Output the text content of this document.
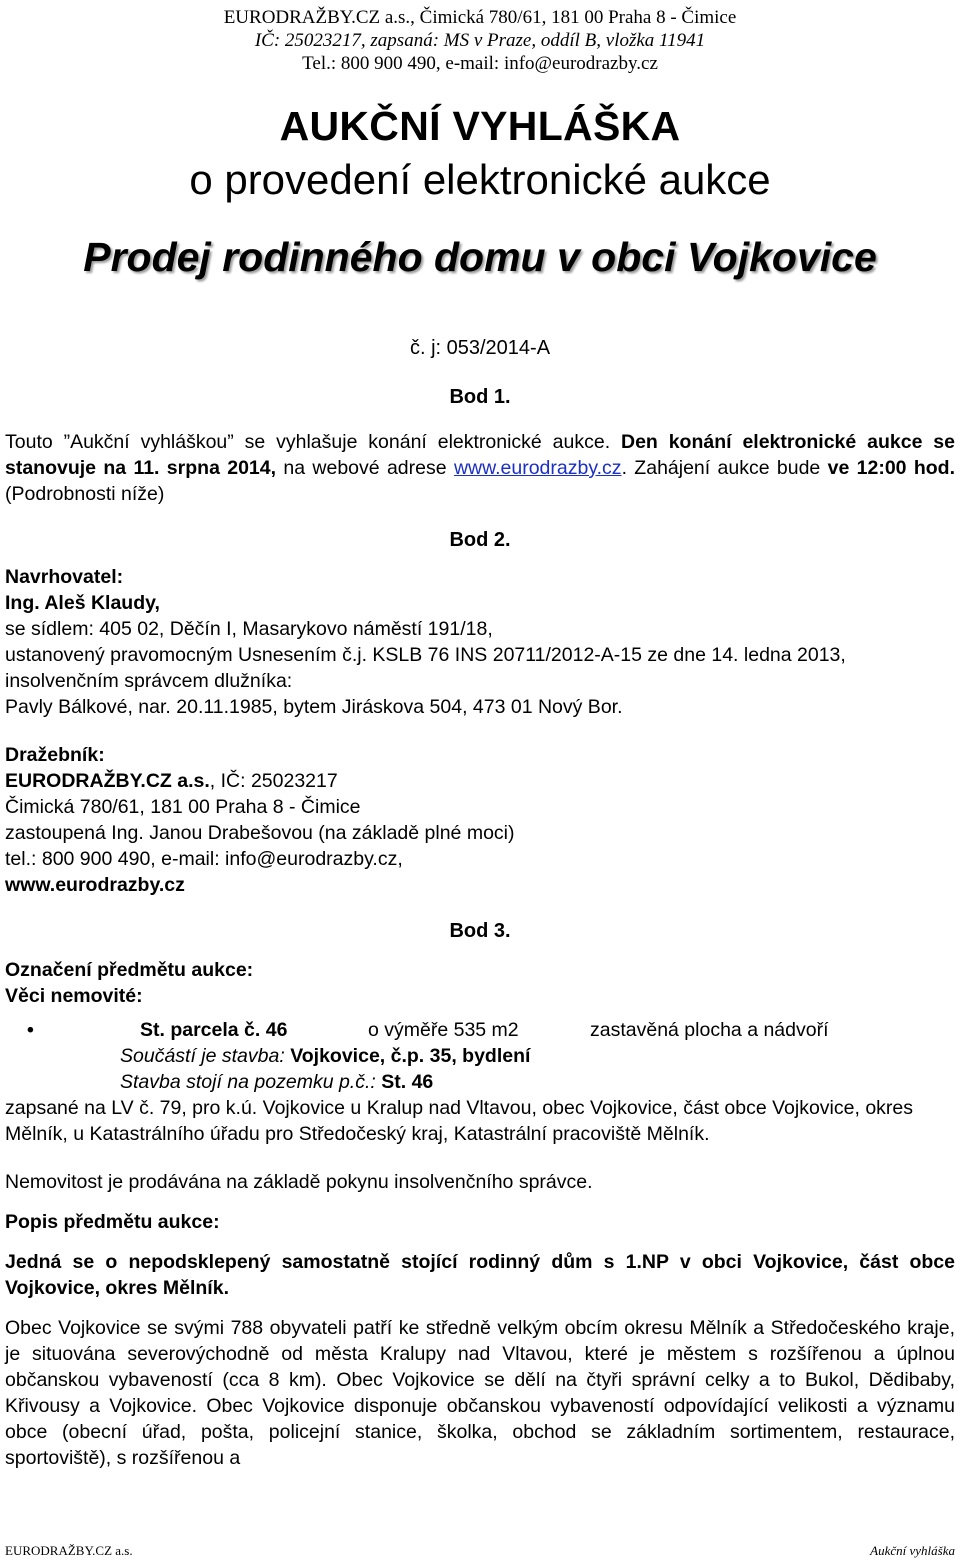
EURODRAŽBY.CZ a.s., Čimická 780/61, 181 00 Praha 8 - Čimice
IČ: 25023217, zapsaná: MS v Praze, oddíl B, vložka 11941
Tel.: 800 900 490, e-mail: info@eurodrazby.cz
AUKČNÍ VYHLÁŠKA
o provedení elektronické aukce
Prodej rodinného domu v obci Vojkovice
č. j: 053/2014-A
Bod 1.

Touto ”Aukční vyhláškou” se vyhlašuje konání elektronické aukce. Den konání elektronické aukce se stanovuje na 11. srpna 2014, na webové adrese www.eurodrazby.cz. Zahájení aukce bude ve 12:00 hod. (Podrobnosti níže)

Bod 2.
Navrhovatel:
Ing. Aleš Klaudy,
se sídlem: 405 02, Děčín I, Masarykovo náměstí 191/18,
ustanovený pravomocným Usnesením č.j. KSLB 76 INS 20711/2012-A-15 ze dne 14. ledna 2013, insolvenčním správcem dlužníka:
Pavly Bálkové, nar. 20.11.1985, bytem Jiráskova 504, 473 01 Nový Bor.
Dražebník:
EURODRAŽBY.CZ a.s., IČ: 25023217
Čimická 780/61, 181 00 Praha 8 - Čimice
zastoupená Ing. Janou Drabešovou (na základě plné moci)
tel.: 800 900 490, e-mail: info@eurodrazby.cz,
www.eurodrazby.cz
Bod 3.
Označení předmětu aukce:
Věci nemovité:
•	St. parcela č. 46	o výměře 535 m2	zastavěná plocha a nádvoří
Součástí je stavba: Vojkovice, č.p. 35, bydlení
Stavba stojí na pozemku p.č.: St. 46

zapsané na LV č. 79, pro k.ú. Vojkovice u Kralup nad Vltavou, obec Vojkovice, část obce Vojkovice, okres Mělník, u Katastrálního úřadu pro Středočeský kraj, Katastrální pracoviště Mělník.

Nemovitost je prodávána na základě pokynu insolvenčního správce.

Popis předmětu aukce:

Jedná se o nepodsklepený samostatně stojící rodinný dům s 1.NP v obci Vojkovice, část obce Vojkovice, okres Mělník.

Obec Vojkovice se svými 788 obyvateli patří ke středně velkým obcím okresu Mělník a Středočeského kraje, je situována severovýchodně od města Kralupy nad Vltavou, které je městem s rozšířenou a úplnou občanskou vybaveností (cca 8 km). Obec Vojkovice se dělí na čtyři správní celky a to Bukol, Dědibaby, Křivousy a Vojkovice. Obec Vojkovice disponuje občanskou vybaveností odpovídající velikosti a významu obce (obecní úřad, pošta, policejní stanice, školka, obchod se základním sortimentem, restaurace, sportoviště), s rozšířenou a

EURODRAŽBY.CZ a.s.	Aukční vyhláška
